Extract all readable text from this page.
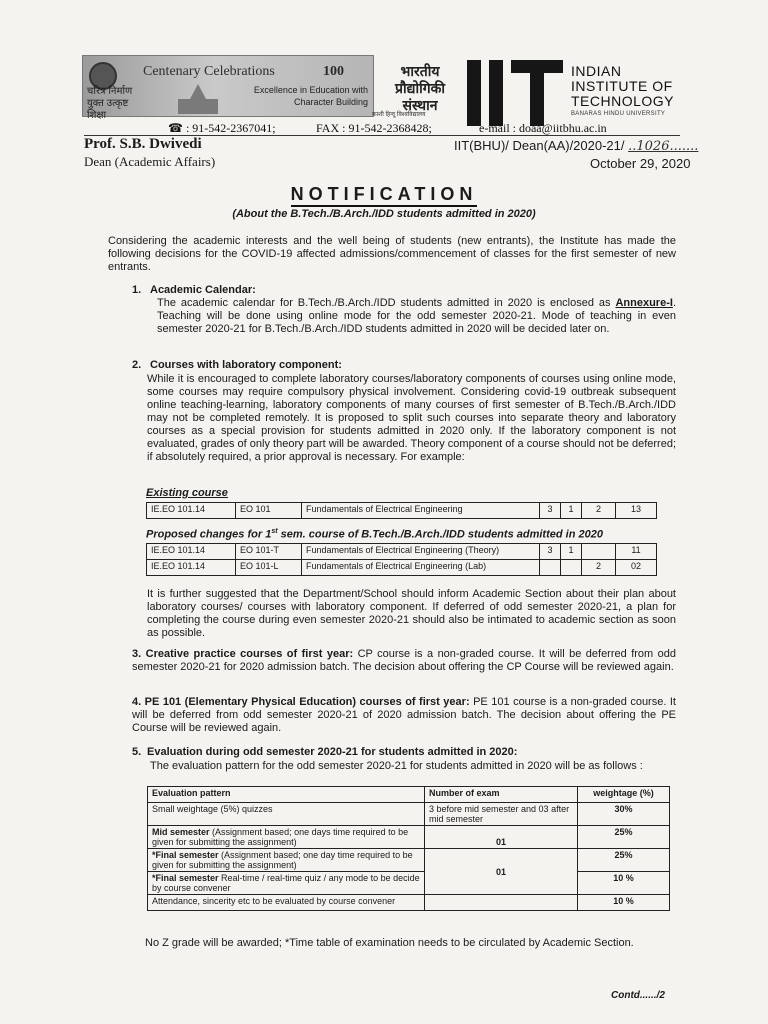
Centenary Celebrations	100
चरित्र निर्माण युक्त उत्कृष्ट शिक्षा
Excellence in Education with Character Building
भारतीय
प्रौद्योगिकी
संस्थान
काशी हिन्दू विश्वविद्यालय
INDIAN
INSTITUTE OF
TECHNOLOGY
BANARAS HINDU UNIVERSITY
☎ : 91-542-2367041;	FAX : 91-542-2368428;	e-mail : doaa@iitbhu.ac.in
Prof. S.B. Dwivedi
Dean (Academic Affairs)
IIT(BHU)/ Dean(AA)/2020-21/ ..1026.......
October 29, 2020
NOTIFICATION
(About the B.Tech./B.Arch./IDD students admitted in 2020)
Considering the academic interests and the well being of students (new entrants), the Institute has made the following decisions for the COVID-19 affected admissions/commencement of classes for the first semester of new entrants.
1. Academic Calendar:
The academic calendar for B.Tech./B.Arch./IDD students admitted in 2020 is enclosed as Annexure-I. Teaching will be done using online mode for the odd semester 2020-21. Mode of teaching in even semester 2020-21 for B.Tech./B.Arch./IDD students admitted in 2020 will be decided later on.
2. Courses with laboratory component:
While it is encouraged to complete laboratory courses/laboratory components of courses using online mode, some courses may require compulsory physical involvement. Considering covid-19 outbreak subsequent online teaching-learning, laboratory components of many courses of first semester of B.Tech./B.Arch./IDD may not be completed remotely. It is proposed to split such courses into separate theory and laboratory courses as a special provision for students admitted in 2020 only. If the laboratory component is not evaluated, grades of only theory part will be awarded. Theory component of a course should not be deferred; if absolutely required, a prior approval is necessary. For example:
Existing course
IE.EO 101.14	EO 101	Fundamentals of Electrical Engineering	3	1	2	13
Proposed changes for 1st sem. course of B.Tech./B.Arch./IDD students admitted in 2020
IE.EO 101.14	EO 101-T	Fundamentals of Electrical Engineering (Theory)	3	1		11
IE.EO 101.14	EO 101-L	Fundamentals of Electrical Engineering (Lab)			2	02
It is further suggested that the Department/School should inform Academic Section about their plan about laboratory courses/ courses with laboratory component. If deferred of odd semester 2020-21, a plan for completing the course during even semester 2020-21 should also be intimated to academic section as soon as possible.
3. Creative practice courses of first year: CP course is a non-graded course. It will be deferred from odd semester 2020-21 for 2020 admission batch. The decision about offering the CP Course will be reviewed again.
4. PE 101 (Elementary Physical Education) courses of first year: PE 101 course is a non-graded course. It will be deferred from odd semester 2020-21 of 2020 admission batch. The decision about offering the PE Course will be reviewed again.
5. Evaluation during odd semester 2020-21 for students admitted in 2020:
The evaluation pattern for the odd semester 2020-21 for students admitted in 2020 will be as follows :
Evaluation pattern	Number of exam	weightage (%)
Small weightage (5%) quizzes	3 before mid semester and 03 after mid semester	30%
Mid semester (Assignment based; one days time required to be given for submitting the assignment)	01	25%
*Final semester (Assignment based; one day time required to be given for submitting the assignment)	01	25%
*Final semester Real-time / real-time quiz / any mode to be decide by course convener		10 %
Attendance, sincerity etc to be evaluated by course convener		10 %
No Z grade will be awarded; *Time table of examination needs to be circulated by Academic Section.
Contd....../2
